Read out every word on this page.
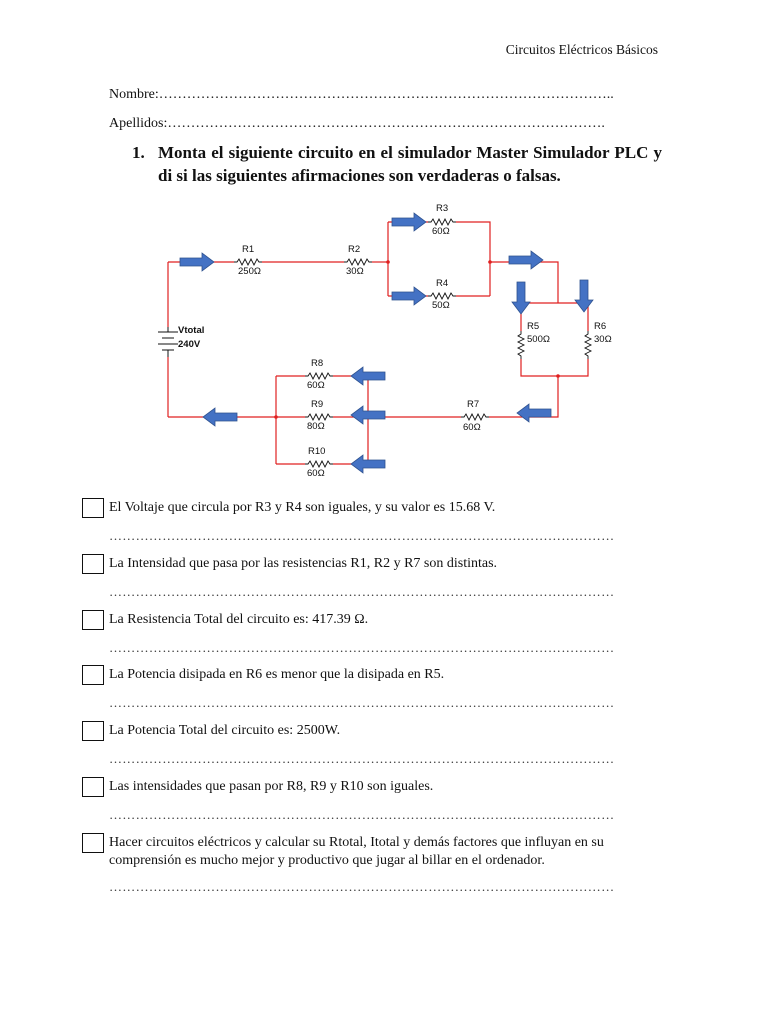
Circuitos Eléctricos Básicos
Nombre:……………………………………………………………………………………..
Apellidos:………………………………………………………………………………….
1. Monta el siguiente circuito en el simulador Master Simulador PLC y di si las siguientes afirmaciones son verdaderas o falsas.
Vtotal
240V
R1
250Ω
R2
30Ω
R3
60Ω
R4
50Ω
R5
500Ω
R6
30Ω
R7
60Ω
R8
60Ω
R9
80Ω
R10
60Ω
El Voltaje que circula por R3 y R4 son iguales, y su valor es 15.68 V.
……………………………………………………………………………………………………
La Intensidad que pasa por las resistencias R1, R2 y R7 son distintas.
……………………………………………………………………………………………………
La Resistencia Total del circuito es: 417.39 Ω.
……………………………………………………………………………………………………
La Potencia disipada en R6 es menor que la disipada en R5.
……………………………………………………………………………………………………
La Potencia Total del circuito es: 2500W.
……………………………………………………………………………………………………
Las intensidades que pasan por R8, R9 y R10 son iguales.
……………………………………………………………………………………………………
Hacer circuitos eléctricos y calcular su Rtotal, Itotal y demás factores que influyan en su comprensión es mucho mejor y productivo que jugar al billar en el ordenador.
……………………………………………………………………………………………………
